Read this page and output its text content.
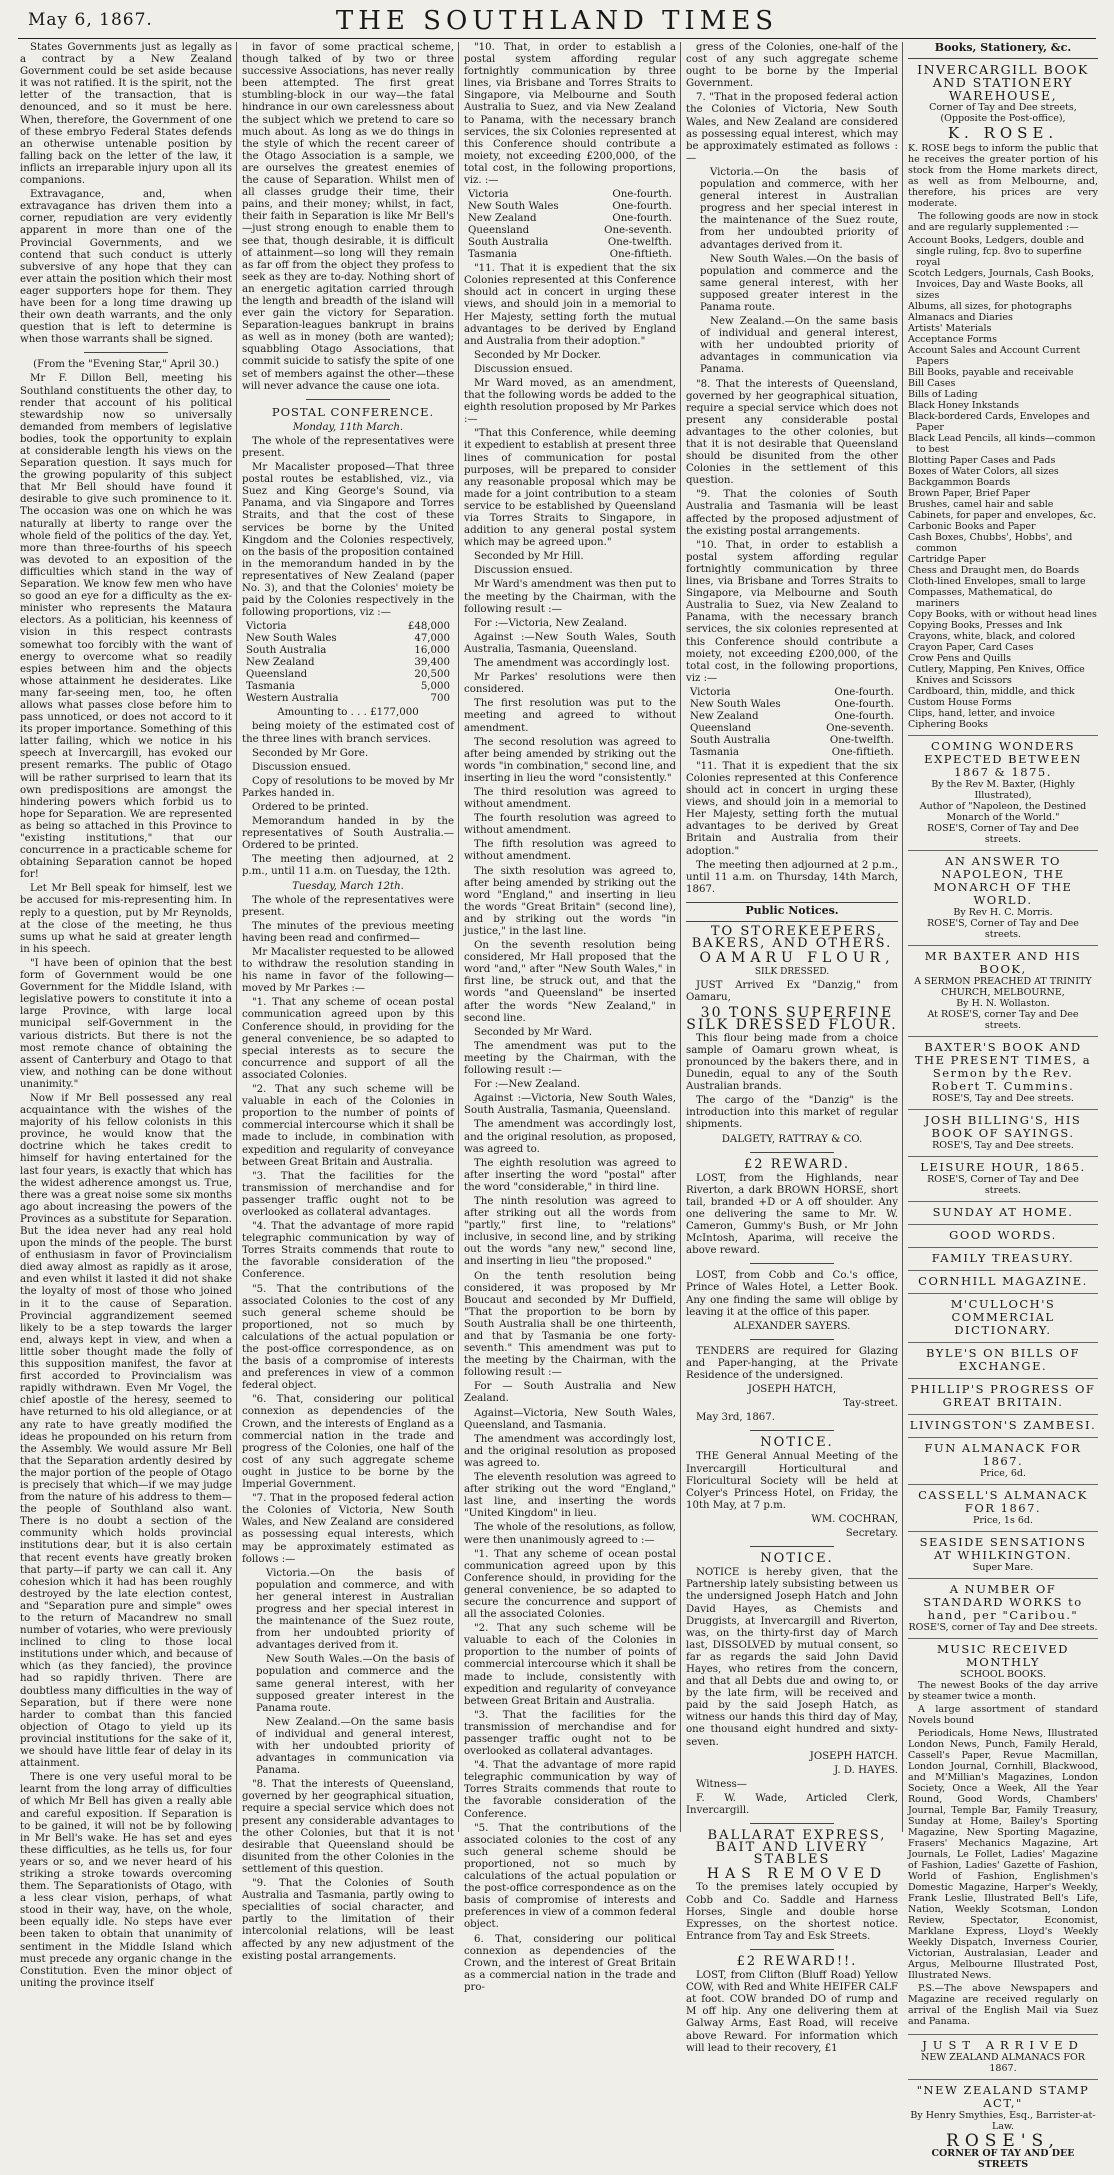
May 6, 1867.	THE SOUTHLAND TIMES

States Governments just as legally as a contract by a New Zealand Government could be set aside because it was not ratified. It is the spirit, not the letter of the transaction, that is denounced, and so it must be here. When, therefore, the Government of one of these embryo Federal States defends an otherwise untenable position by falling back on the letter of the law, it inflicts an irreparable injury upon all its companions.

Extravagance, and, when extravagance has driven them into a corner, repudiation are very evidently apparent in more than one of the Provincial Governments, and we contend that such conduct is utterly subversive of any hope that they can ever attain the position which their most eager supporters hope for them. They have been for a long time drawing up their own death warrants, and the only question that is left to determine is when those warrants shall be signed.

(From the "Evening Star," April 30.)

Mr F. Dillon Bell, meeting his Southland constituents the other day, to render that account of his political stewardship now so universally demanded from members of legislative bodies, took the opportunity to explain at considerable length his views on the Separation question. It says much for the growing popularity of this subject that Mr Bell should have found it desirable to give such prominence to it. The occasion was one on which he was naturally at liberty to range over the whole field of the politics of the day. Yet, more than three-fourths of his speech was devoted to an exposition of the difficulties which stand in the way of Separation. We know few men who have so good an eye for a difficulty as the ex-minister who represents the Mataura electors. As a politician, his keenness of vision in this respect contrasts somewhat too forcibly with the want of energy to overcome what so readily espies between him and the objects whose attainment he desiderates. Like many far-seeing men, too, he often allows what passes close before him to pass unnoticed, or does not accord to it its proper importance. Something of this latter failing, which we notice in his speech at Invercargill, has evoked our present remarks. The public of Otago will be rather surprised to learn that its own predispositions are amongst the hindering powers which forbid us to hope for Separation. We are represented as being so attached in this Province to "existing institutions," that our concurrence in a practicable scheme for obtaining Separation cannot be hoped for!

Let Mr Bell speak for himself, lest we be accused for mis-representing him. In reply to a question, put by Mr Reynolds, at the close of the meeting, he thus sums up what he said at greater length in his speech.

"I have been of opinion that the best form of Government would be one Government for the Middle Island, with legislative powers to constitute it into a large Province, with large local municipal self-Government in the various districts. But there is not the most remote chance of obtaining the assent of Canterbury and Otago to that view, and nothing can be done without unanimity."

Now if Mr Bell possessed any real acquaintance with the wishes of the majority of his fellow colonists in this province, he would know that the doctrine which he takes credit to himself for having entertained for the last four years, is exactly that which has the widest adherence amongst us. True, there was a great noise some six months ago about increasing the powers of the Provinces as a substitute for Separation. But the idea never had any real hold upon the minds of the people. The burst of enthusiasm in favor of Provincialism died away almost as rapidly as it arose, and even whilst it lasted it did not shake the loyalty of most of those who joined in it to the cause of Separation. Provincial aggrandizement seemed likely to be a step towards the larger end, always kept in view, and when a little sober thought made the folly of this supposition manifest, the favor at first accorded to Provincialism was rapidly withdrawn. Even Mr Vogel, the chief apostle of the heresy, seemed to have returned to his old allegiance, or at any rate to have greatly modified the ideas he propounded on his return from the Assembly. We would assure Mr Bell that the Separation ardently desired by the major portion of the people of Otago is precisely that which—if we may judge from the nature of his address to them—the people of Southland also want. There is no doubt a section of the community which holds provincial institutions dear, but it is also certain that recent events have greatly broken that party—if party we can call it. Any cohesion which it had has been roughly destroyed by the late election contest, and "Separation pure and simple" owes to the return of Macandrew no small number of votaries, who were previously inclined to cling to those local institutions under which, and because of which (as they fancied), the province had so rapidly thriven. There are doubtless many difficulties in the way of Separation, but if there were none harder to combat than this fancied objection of Otago to yield up its provincial institutions for the sake of it, we should have little fear of delay in its attainment.

There is one very useful moral to be learnt from the long array of difficulties of which Mr Bell has given a really able and careful exposition. If Separation is to be gained, it will not be by following in Mr Bell's wake. He has set and eyes these difficulties, as he tells us, for four years or so, and we never heard of his striking a stroke towards overcoming them. The Separationists of Otago, with a less clear vision, perhaps, of what stood in their way, have, on the whole, been equally idle. No steps have ever been taken to obtain that unanimity of sentiment in the Middle Island which must precede any organic change in the Constitution. Even the minor object of uniting the province itself

in favor of some practical scheme, though talked of by two or three successive Associations, has never really been attempted. The first great stumbling-block in our way—the fatal hindrance in our own carelessness about the subject which we pretend to care so much about. As long as we do things in the style of which the recent career of the Otago Association is a sample, we are ourselves the greatest enemies of the cause of Separation. Whilst men of all classes grudge their time, their pains, and their money; whilst, in fact, their faith in Separation is like Mr Bell's—just strong enough to enable them to see that, though desirable, it is difficult of attainment—so long will they remain as far off from the object they profess to seek as they are to-day. Nothing short of an energetic agitation carried through the length and breadth of the island will ever gain the victory for Separation. Separation-leagues bankrupt in brains as well as in money (both are wanted); squabbling Otago Associations, that commit suicide to satisfy the spite of one set of members against the other—these will never advance the cause one iota.

POSTAL CONFERENCE.

Monday, 11th March.

The whole of the representatives were present.

Mr Macalister proposed—That three postal routes be established, viz., via Suez and King George's Sound, via Panama, and via Singapore and Torres Straits, and that the cost of these services be borne by the United Kingdom and the Colonies respectively, on the basis of the proposition contained in the memorandum handed in by the representatives of New Zealand (paper No. 3), and that the Colonies' moiety be paid by the Colonies respectively in the following proportions, viz :—

Victoria	£48,000
New South Wales	47,000
South Australia	16,000
New Zealand	39,400
Queensland	20,500
Tasmania	5,000
Western Australia	700

Amounting to . . . £177,000

being moiety of the estimated cost of the three lines with branch services.

Seconded by Mr Gore.

Discussion ensued.

Copy of resolutions to be moved by Mr Parkes handed in.

Ordered to be printed.

Memorandum handed in by the representatives of South Australia.—Ordered to be printed.

The meeting then adjourned, at 2 p.m., until 11 a.m. on Tuesday, the 12th.

Tuesday, March 12th.

The whole of the representatives were present.

The minutes of the previous meeting having been read and confirmed—

Mr Macalister requested to be allowed to withdraw the resolution standing in his name in favor of the following—moved by Mr Parkes :—

"1. That any scheme of ocean postal communication agreed upon by this Conference should, in providing for the general convenience, be so adapted to special interests as to secure the concurrence and support of all the associated Colonies.

"2. That any such scheme will be valuable in each of the Colonies in proportion to the number of points of commercial intercourse which it shall be made to include, in combination with expedition and regularity of conveyance between Great Britain and Australia.

"3. That the facilities for the transmission of merchandise and for passenger traffic ought not to be overlooked as collateral advantages.

"4. That the advantage of more rapid telegraphic communication by way of Torres Straits commends that route to the favorable consideration of the Conference.

"5. That the contributions of the associated Colonies to the cost of any such general scheme should be proportioned, not so much by calculations of the actual population or the post-office correspondence, as on the basis of a compromise of interests and preferences in view of a common federal object.

"6. That, considering our political connexion as dependencies of the Crown, and the interests of England as a commercial nation in the trade and progress of the Colonies, one half of the cost of any such aggregate scheme ought in justice to be borne by the Imperial Government.

"7. That in the proposed federal action the Colonies of Victoria, New South Wales, and New Zealand are considered as possessing equal interests, which may be approximately estimated as follows :—

Victoria.—On the basis of population and commerce, and with her general interest in Australian progress and her special interest in the maintenance of the Suez route, from her undoubted priority of advantages derived from it.

New South Wales.—On the basis of population and commerce and the same general interest, with her supposed greater interest in the Panama route.

New Zealand.—On the same basis of individual and general interest, with her undoubted priority of advantages in communication via Panama.

"8. That the interests of Queensland, governed by her geographical situation, require a special service which does not present any considerable advantages to the other Colonies, but that it is not desirable that Queensland should be disunited from the other Colonies in the settlement of this question.

"9. That the Colonies of South Australia and Tasmania, partly owing to specialities of social character, and partly to the limitation of their intercolonial relations, will be least affected by any new adjustment of the existing postal arrangements.

"10. That, in order to establish a postal system affording regular fortnightly communication by three lines, via Brisbane and Torres Straits to Singapore, via Melbourne and South Australia to Suez, and via New Zealand to Panama, with the necessary branch services, the six Colonies represented at this Conference should contribute a moiety, not exceeding £200,000, of the total cost, in the following proportions, viz. :—

Victoria	One-fourth.
New South Wales	One-fourth.
New Zealand	One-fourth.
Queensland	One-seventh.
South Australia	One-twelfth.
Tasmania	One-fiftieth.

"11. That it is expedient that the six Colonies represented at this Conference should act in concert in urging these views, and should join in a memorial to Her Majesty, setting forth the mutual advantages to be derived by England and Australia from their adoption."

Seconded by Mr Docker.

Discussion ensued.

Mr Ward moved, as an amendment, that the following words be added to the eighth resolution proposed by Mr Parkes :—

"That this Conference, while deeming it expedient to establish at present three lines of communication for postal purposes, will be prepared to consider any reasonable proposal which may be made for a joint contribution to a steam service to be established by Queensland via Torres Straits to Singapore, in addition to any general postal system which may be agreed upon."

Seconded by Mr Hill.

Discussion ensued.

Mr Ward's amendment was then put to the meeting by the Chairman, with the following result :—

For :—Victoria, New Zealand.

Against :—New South Wales, South Australia, Tasmania, Queensland.

The amendment was accordingly lost.

Mr Parkes' resolutions were then considered.

The first resolution was put to the meeting and agreed to without amendment.

The second resolution was agreed to after being amended by striking out the words "in combination," second line, and inserting in lieu the word "consistently."

The third resolution was agreed to without amendment.

The fourth resolution was agreed to without amendment.

The fifth resolution was agreed to without amendment.

The sixth resolution was agreed to, after being amended by striking out the word "England," and inserting in lieu the words "Great Britain" (second line), and by striking out the words "in justice," in the last line.

On the seventh resolution being considered, Mr Hall proposed that the word "and," after "New South Wales," in first line, be struck out, and that the words "and Queensland" be inserted after the words "New Zealand," in second line.

Seconded by Mr Ward.

The amendment was put to the meeting by the Chairman, with the following result :—

For :—New Zealand.

Against :—Victoria, New South Wales, South Australia, Tasmania, Queensland.

The amendment was accordingly lost, and the original resolution, as proposed, was agreed to.

The eighth resolution was agreed to after inserting the word "postal" after the word "considerable," in third line.

The ninth resolution was agreed to after striking out all the words from "partly," first line, to "relations" inclusive, in second line, and by striking out the words "any new," second line, and inserting in lieu "the proposed."

On the tenth resolution being considered, it was proposed by Mr Boucaut and seconded by Mr Duffield, "That the proportion to be born by South Australia shall be one thirteenth, and that by Tasmania be one forty-seventh." This amendment was put to the meeting by the Chairman, with the following result :—

For — South Australia and New Zealand.

Against—Victoria, New South Wales, Queensland, and Tasmania.

The amendment was accordingly lost, and the original resolution as proposed was agreed to.

The eleventh resolution was agreed to after striking out the word "England," last line, and inserting the words "United Kingdom" in lieu.

The whole of the resolutions, as follow, were then unanimously agreed to :—

"1. That any scheme of ocean postal communication agreed upon by this Conference should, in providing for the general convenience, be so adapted to secure the concurrence and support of all the associated Colonies.

"2. That any such scheme will be valuable to each of the Colonies in proportion to the number of points of commercial intercourse which it shall be made to include, consistently with expedition and regularity of conveyance between Great Britain and Australia.

"3. That the facilities for the transmission of merchandise and for passenger traffic ought not to be overlooked as collateral advantages.

"4. That the advantage of more rapid telegraphic communication by way of Torres Straits commends that route to the favorable consideration of the Conference.

"5. That the contributions of the associated colonies to the cost of any such general scheme should be proportioned, not so much by calculations of the actual population or the post-office correspondence as on the basis of compromise of interests and preferences in view of a common federal object.

6. That, considering our political connexion as dependencies of the Crown, and the interest of Great Britain as a commercial nation in the trade and pro-

gress of the Colonies, one-half of the cost of any such aggregate scheme ought to be borne by the Imperial Government.

7. "That in the proposed federal action the Colonies of Victoria, New South Wales, and New Zealand are considered as possessing equal interest, which may be approximately estimated as follows :—

Victoria.—On the basis of population and commerce, with her general interest in Australian progress and her special interest in the maintenance of the Suez route, from her undoubted priority of advantages derived from it.

New South Wales.—On the basis of population and commerce and the same general interest, with her supposed greater interest in the Panama route.

New Zealand.—On the same basis of individual and general interest, with her undoubted priority of advantages in communication via Panama.

"8. That the interests of Queensland, governed by her geographical situation, require a special service which does not present any considerable postal advantages to the other colonies, but that it is not desirable that Queensland should be disunited from the other Colonies in the settlement of this question.

"9. That the colonies of South Australia and Tasmania will be least affected by the proposed adjustment of the existing postal arrangements.

"10. That, in order to establish a postal system affording regular fortnightly communication by three lines, via Brisbane and Torres Straits to Singapore, via Melbourne and South Australia to Suez, via New Zealand to Panama, with the necessary branch services, the six colonies represented at this Conference should contribute a moiety, not exceeding £200,000, of the total cost, in the following proportions, viz :—

Victoria	One-fourth.
New South Wales	One-fourth.
New Zealand	One-fourth.
Queensland	One-seventh.
South Australia	One-twelfth.
Tasmania	One-fiftieth.

"11. That it is expedient that the six Colonies represented at this Conference should act in concert in urging these views, and should join in a memorial to Her Majesty, setting forth the mutual advantages to be derived by Great Britain and Australia from their adoption."

The meeting then adjourned at 2 p.m., until 11 a.m. on Thursday, 14th March, 1867.

Public Notices.

TO STOREKEEPERS, BAKERS, AND OTHERS.

OAMARU FLOUR,

SILK DRESSED.

JUST Arrived Ex "Danzig," from Oamaru,

30 TONS SUPERFINE SILK DRESSED FLOUR.

This flour being made from a choice sample of Oamaru grown wheat, is pronounced by the bakers there, and in Dunedin, equal to any of the South Australian brands.

The cargo of the "Danzig" is the introduction into this market of regular shipments.

DALGETY, RATTRAY & CO.

£2 REWARD.

LOST, from the Highlands, near Riverton, a dark BROWN HORSE, short tail, branded +D or A off shoulder. Any one delivering the same to Mr. W. Cameron, Gummy's Bush, or Mr John McIntosh, Aparima, will receive the above reward.

LOST, from Cobb and Co.'s office, Prince of Wales Hotel, a Letter Book. Any one finding the same will oblige by leaving it at the office of this paper.

ALEXANDER SAYERS.

TENDERS are required for Glazing and Paper-hanging, at the Private Residence of the undersigned.

JOSEPH HATCH,

Tay-street.

May 3rd, 1867.

NOTICE.

THE General Annual Meeting of the Invercargill Horticultural and Floricultural Society will be held at Colyer's Princess Hotel, on Friday, the 10th May, at 7 p.m.

WM. COCHRAN,

Secretary.

NOTICE.

NOTICE is hereby given, that the Partnership lately subsisting between us the undersigned Joseph Hatch and John David Hayes, as Chemists and Druggists, at Invercargill and Riverton, was, on the thirty-first day of March last, DISSOLVED by mutual consent, so far as regards the said John David Hayes, who retires from the concern, and that all Debts due and owing to, or by the late firm, will be received and paid by the said Joseph Hatch, as witness our hands this third day of May, one thousand eight hundred and sixty-seven.

JOSEPH HATCH.

J. D. HAYES.

Witness—

F. W. Wade, Articled Clerk, Invercargill.

BALLARAT EXPRESS, BAIT AND LIVERY STABLES

HAS REMOVED

To the premises lately occupied by Cobb and Co. Saddle and Harness Horses, Single and double horse Expresses, on the shortest notice. Entrance from Tay and Esk Streets.

£2 REWARD!!.

LOST, from Clifton (Bluff Road) Yellow COW, with Red and White HEIFER CALF at foot. COW branded DO of rump and M off hip. Any one delivering them at Galway Arms, East Road, will receive above Reward. For information which will lead to their recovery, £1

Books, Stationery, &c.

INVERCARGILL BOOK AND STATIONERY WAREHOUSE,
Corner of Tay and Dee streets,
(Opposite the Post-office),
K. ROSE.

K. ROSE begs to inform the public that he receives the greater portion of his stock from the Home markets direct, as well as from Melbourne, and, therefore, his prices are very moderate.

The following goods are now in stock and are regularly supplemented :—

Account Books, Ledgers, double and single ruling, fcp. 8vo to superfine royal
Scotch Ledgers, Journals, Cash Books, Invoices, Day and Waste Books, all sizes
Albums, all sizes, for photographs
Almanacs and Diaries
Artists' Materials
Acceptance Forms
Account Sales and Account Current Papers
Bill Books, payable and receivable
Bill Cases
Bills of Lading
Black Honey Inkstands
Black-bordered Cards, Envelopes and Paper
Black Lead Pencils, all kinds—common to best
Blotting Paper Cases and Pads
Boxes of Water Colors, all sizes
Backgammon Boards
Brown Paper, Brief Paper
Brushes, camel hair and sable
Cabinets, for paper and envelopes, &c.
Carbonic Books and Paper
Cash Boxes, Chubbs', Hobbs', and common
Cartridge Paper
Chess and Draught men, do Boards
Cloth-lined Envelopes, small to large
Compasses, Mathematical, do mariners
Copy Books, with or without head lines
Copying Books, Presses and Ink
Crayons, white, black, and colored
Crayon Paper, Card Cases
Crow Pens and Quills
Cutlery, Mapping, Pen Knives, Office Knives and Scissors
Cardboard, thin, middle, and thick
Custom House Forms
Clips, hand, letter, and invoice
Ciphering Books
COMING WONDERS EXPECTED BETWEEN 1867 & 1875.
By the Rev M. Baxter, (Highly Illustrated),
Author of "Napoleon, the Destined Monarch of the World."
ROSE'S, Corner of Tay and Dee streets.
AN ANSWER TO NAPOLEON, THE MONARCH OF THE WORLD.
By Rev H. C. Morris.
ROSE'S, Corner of Tay and Dee streets.
MR BAXTER AND HIS BOOK,
A SERMON PREACHED AT TRINITY CHURCH, MELBOURNE,
By H. N. Wollaston.
At ROSE'S, corner Tay and Dee streets.
BAXTER'S BOOK AND THE PRESENT TIMES, a Sermon by the Rev. Robert T. Cummins.
ROSE'S, Tay and Dee streets.
JOSH BILLING'S, HIS BOOK OF SAYINGS.
ROSE'S, Tay and Dee streets.
LEISURE HOUR, 1865.
ROSE'S, Corner of Tay and Dee streets.
SUNDAY AT HOME.
GOOD WORDS.
FAMILY TREASURY.
CORNHILL MAGAZINE.
M'CULLOCH'S COMMERCIAL DICTIONARY.
BYLE'S ON BILLS OF EXCHANGE.
PHILLIP'S PROGRESS OF GREAT BRITAIN.
LIVINGSTON'S ZAMBESI.
FUN ALMANACK FOR 1867.
Price, 6d.
CASSELL'S ALMANACK FOR 1867.
Price, 1s 6d.
SEASIDE SENSATIONS AT WHILKINGTON.
Super Mare.
A NUMBER OF STANDARD WORKS to hand, per "Caribou."
ROSE'S, corner of Tay and Dee streets.
MUSIC RECEIVED MONTHLY
SCHOOL BOOKS.

The newest Books of the day arrive by steamer twice a month.

A large assortment of standard Novels bound

Periodicals, Home News, Illustrated London News, Punch, Family Herald, Cassell's Paper, Revue Macmillan, London Journal, Cornhill, Blackwood, and M'Millian's Magazines, London Society, Once a Week, All the Year Round, Good Words, Chambers' Journal, Temple Bar, Family Treasury, Sunday at Home, Bailey's Sporting Magazine, New Sporting Magazine, Frasers' Mechanics Magazine, Art Journals, Le Follet, Ladies' Magazine of Fashion, Ladies' Gazette of Fashion, World of Fashion, Englishmen's Domestic Magazine, Harper's Weekly, Frank Leslie, Illustrated Bell's Life, Nation, Weekly Scotsman, London Review, Spectator, Economist, Marklane Express, Lloyd's Weekly Weekly Dispatch, Inverness Courier, Victorian, Australasian, Leader and Argus, Melbourne Illustrated Post, Illustrated News.

P.S.—The above Newspapers and Magazine are received regularly on arrival of the English Mail via Suez and Panama.

JUST ARRIVED
NEW ZEALAND ALMANACS FOR 1867.
"NEW ZEALAND STAMP ACT,"
By Henry Smythies, Esq., Barrister-at-Law.
ROSE'S,
CORNER OF TAY AND DEE STREETS
